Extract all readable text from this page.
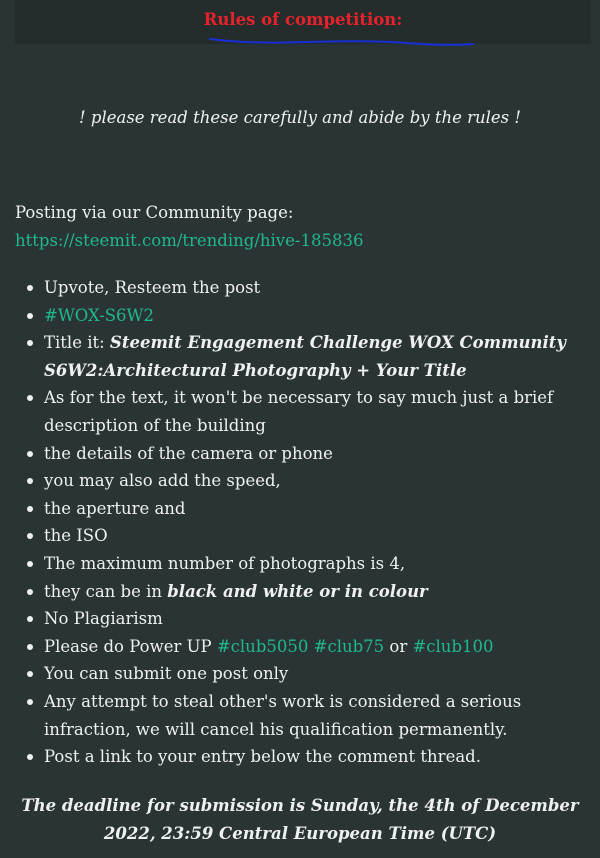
Rules of competition:
! please read these carefully and abide by the rules !
Posting via our Community page: https://steemit.com/trending/hive-185836
Upvote, Resteem the post
#WOX-S6W2
Title it: Steemit Engagement Challenge WOX Community S6W2:Architectural Photography + Your Title
As for the text, it won't be necessary to say much just a brief description of the building
the details of the camera or phone
you may also add the speed,
the aperture and
the ISO
The maximum number of photographs is 4,
they can be in black and white or in colour
No Plagiarism
Please do Power UP #club5050 #club75 or #club100
You can submit one post only
Any attempt to steal other's work is considered a serious infraction, we will cancel his qualification permanently.
Post a link to your entry below the comment thread.
The deadline for submission is Sunday, the 4th of December 2022, 23:59 Central European Time (UTC)
